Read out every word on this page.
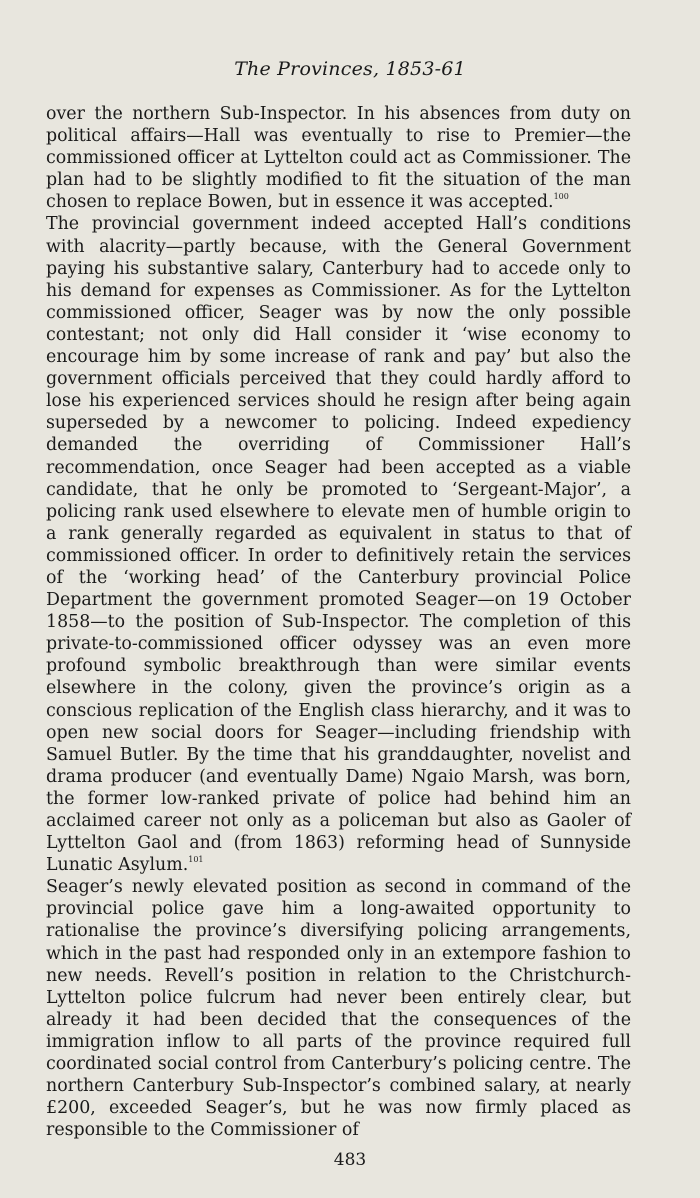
The Provinces, 1853-61

over the northern Sub-Inspector. In his absences from duty on political affairs—Hall was eventually to rise to Premier—the commissioned officer at Lyttelton could act as Commissioner. The plan had to be slightly modified to fit the situation of the man chosen to replace Bowen, but in essence it was accepted.$^{100}$

The provincial government indeed accepted Hall’s conditions with alacrity—partly because, with the General Government paying his substantive salary, Canterbury had to accede only to his demand for expenses as Commissioner. As for the Lyttelton commissioned officer, Seager was by now the only possible contestant; not only did Hall consider it ‘wise economy to encourage him by some increase of rank and pay’ but also the government officials perceived that they could hardly afford to lose his experienced services should he resign after being again superseded by a newcomer to policing. Indeed expediency demanded the overriding of Commissioner Hall’s recommendation, once Seager had been accepted as a viable candidate, that he only be promoted to ‘Sergeant-Major’, a policing rank used elsewhere to elevate men of humble origin to a rank generally regarded as equivalent in status to that of commissioned officer. In order to definitively retain the services of the ‘working head’ of the Canterbury provincial Police Department the government promoted Seager—on 19 October 1858—to the position of Sub-Inspector. The completion of this private-to-commissioned officer odyssey was an even more profound symbolic breakthrough than were similar events elsewhere in the colony, given the province’s origin as a conscious replication of the English class hierarchy, and it was to open new social doors for Seager—including friendship with Samuel Butler. By the time that his granddaughter, novelist and drama producer (and eventually Dame) Ngaio Marsh, was born, the former low-ranked private of police had behind him an acclaimed career not only as a policeman but also as Gaoler of Lyttelton Gaol and (from 1863) reforming head of Sunnyside Lunatic Asylum.$^{101}$

Seager’s newly elevated position as second in command of the provincial police gave him a long-awaited opportunity to rationalise the province’s diversifying policing arrangements, which in the past had responded only in an extempore fashion to new needs. Revell’s position in relation to the Christchurch-Lyttelton police fulcrum had never been entirely clear, but already it had been decided that the consequences of the immigration inflow to all parts of the province required full coordinated social control from Canterbury’s policing centre. The northern Canterbury Sub-Inspector’s combined salary, at nearly £200, exceeded Seager’s, but he was now firmly placed as responsible to the Commissioner of

483
